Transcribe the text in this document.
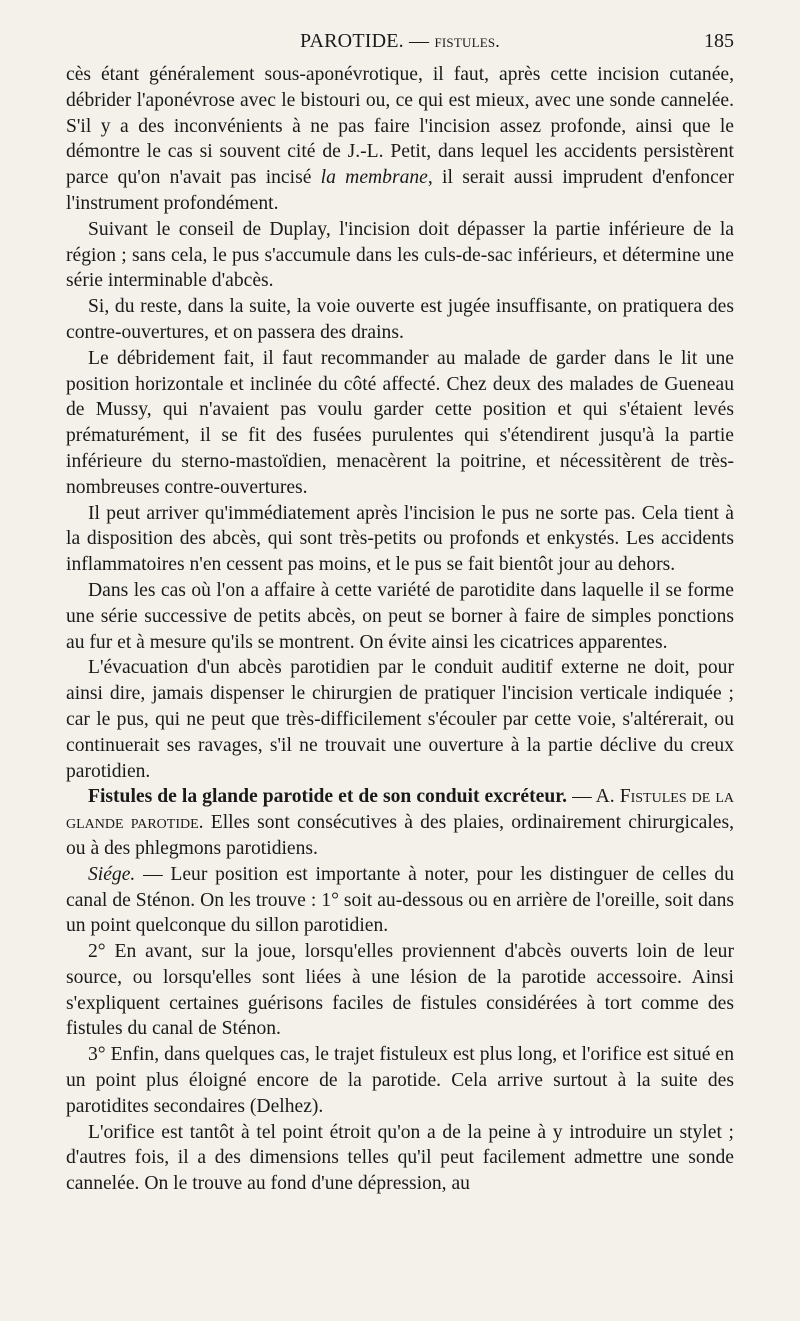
PAROTIDE. — fistules.	185

cès étant généralement sous-aponévrotique, il faut, après cette incision cutanée, débrider l'aponévrose avec le bistouri ou, ce qui est mieux, avec une sonde cannelée. S'il y a des inconvénients à ne pas faire l'incision assez profonde, ainsi que le démontre le cas si souvent cité de J.-L. Petit, dans lequel les accidents persistèrent parce qu'on n'avait pas incisé la membrane, il serait aussi imprudent d'enfoncer l'instrument profondément.

Suivant le conseil de Duplay, l'incision doit dépasser la partie inférieure de la région ; sans cela, le pus s'accumule dans les culs-de-sac inférieurs, et détermine une série interminable d'abcès.

Si, du reste, dans la suite, la voie ouverte est jugée insuffisante, on pratiquera des contre-ouvertures, et on passera des drains.

Le débridement fait, il faut recommander au malade de garder dans le lit une position horizontale et inclinée du côté affecté. Chez deux des malades de Gueneau de Mussy, qui n'avaient pas voulu garder cette position et qui s'étaient levés prématurément, il se fit des fusées purulentes qui s'étendirent jusqu'à la partie inférieure du sterno-mastoïdien, menacèrent la poitrine, et nécessitèrent de très-nombreuses contre-ouvertures.

Il peut arriver qu'immédiatement après l'incision le pus ne sorte pas. Cela tient à la disposition des abcès, qui sont très-petits ou profonds et enkystés. Les accidents inflammatoires n'en cessent pas moins, et le pus se fait bientôt jour au dehors.

Dans les cas où l'on a affaire à cette variété de parotidite dans laquelle il se forme une série successive de petits abcès, on peut se borner à faire de simples ponctions au fur et à mesure qu'ils se montrent. On évite ainsi les cicatrices apparentes.

L'évacuation d'un abcès parotidien par le conduit auditif externe ne doit, pour ainsi dire, jamais dispenser le chirurgien de pratiquer l'incision verticale indiquée ; car le pus, qui ne peut que très-difficilement s'écouler par cette voie, s'altérerait, ou continuerait ses ravages, s'il ne trouvait une ouverture à la partie déclive du creux parotidien.

Fistules de la glande parotide et de son conduit excréteur. — A. Fistules de la glande parotide. Elles sont consécutives à des plaies, ordinairement chirurgicales, ou à des phlegmons parotidiens.

Siége. — Leur position est importante à noter, pour les distinguer de celles du canal de Sténon. On les trouve : 1° soit au-dessous ou en arrière de l'oreille, soit dans un point quelconque du sillon parotidien.

2° En avant, sur la joue, lorsqu'elles proviennent d'abcès ouverts loin de leur source, ou lorsqu'elles sont liées à une lésion de la parotide accessoire. Ainsi s'expliquent certaines guérisons faciles de fistules considérées à tort comme des fistules du canal de Sténon.

3° Enfin, dans quelques cas, le trajet fistuleux est plus long, et l'orifice est situé en un point plus éloigné encore de la parotide. Cela arrive surtout à la suite des parotidites secondaires (Delhez).

L'orifice est tantôt à tel point étroit qu'on a de la peine à y introduire un stylet ; d'autres fois, il a des dimensions telles qu'il peut facilement admettre une sonde cannelée. On le trouve au fond d'une dépression, au
